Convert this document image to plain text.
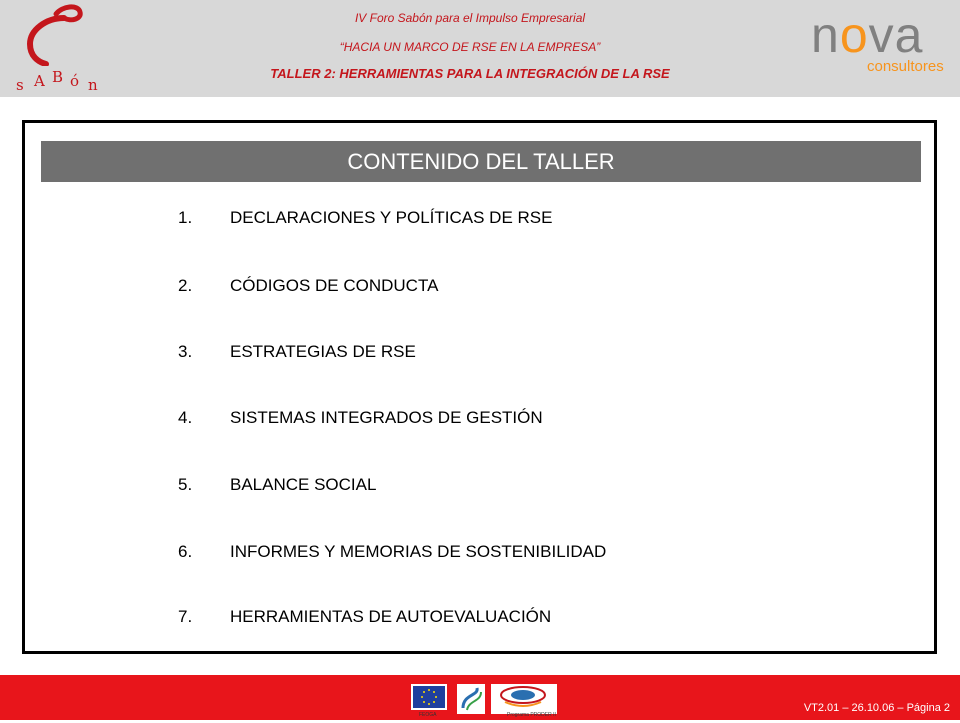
s A B ó n
IV Foro Sabón para el Impulso Empresarial
“HACIA UN MARCO DE RSE EN LA EMPRESA”
TALLER 2: HERRAMIENTAS PARA LA INTEGRACIÓN DE LA RSE
nova
consultores
CONTENIDO DEL TALLER
1. DECLARACIONES Y POLÍTICAS DE RSE
2. CÓDIGOS DE CONDUCTA
3. ESTRATEGIAS DE RSE
4. SISTEMAS INTEGRADOS DE GESTIÓN
5. BALANCE SOCIAL
6. INFORMES Y MEMORIAS DE SOSTENIBILIDAD
7. HERRAMIENTAS DE AUTOEVALUACIÓN
FEOGA	Programa PRODER II
VT2.01 – 26.10.06 – Página 2
